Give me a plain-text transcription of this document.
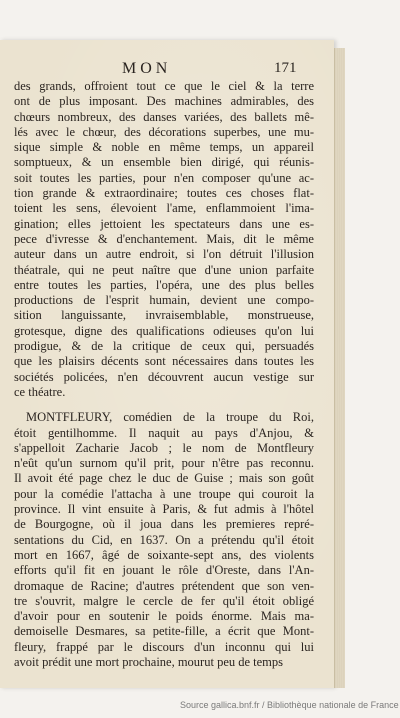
MON	171
des grands, offroient tout ce que le ciel & la terre
ont de plus imposant. Des machines admirables, des
chœurs nombreux, des danses variées, des ballets mê-
lés avec le chœur, des décorations superbes, une mu-
sique simple & noble en même temps, un appareil
somptueux, & un ensemble bien dirigé, qui réunis-
soit toutes les parties, pour n'en composer qu'une ac-
tion grande & extraordinaire; toutes ces choses flat-
toient les sens, élevoient l'ame, enflammoient l'ima-
gination; elles jettoient les spectateurs dans une es-
pece d'ivresse & d'enchantement. Mais, dit le même
auteur dans un autre endroit, si l'on détruit l'illusion
théatrale, qui ne peut naître que d'une union parfaite
entre toutes les parties, l'opéra, une des plus belles
productions de l'esprit humain, devient une compo-
sition languissante, invraisemblable, monstrueuse,
grotesque, digne des qualifications odieuses qu'on lui
prodigue, & de la critique de ceux qui, persuadés
que les plaisirs décents sont nécessaires dans toutes les
sociétés policées, n'en découvrent aucun vestige sur
ce théatre.
MONTFLEURY, comédien de la troupe du Roi,
étoit gentilhomme. Il naquit au pays d'Anjou, &
s'appelloit Zacharie Jacob ; le nom de Montfleury
n'eût qu'un surnom qu'il prit, pour n'être pas reconnu.
Il avoit été page chez le duc de Guise ; mais son goût
pour la comédie l'attacha à une troupe qui couroit la
province. Il vint ensuite à Paris, & fut admis à l'hôtel
de Bourgogne, où il joua dans les premieres repré-
sentations du Cid, en 1637. On a prétendu qu'il étoit
mort en 1667, âgé de soixante-sept ans, des violents
efforts qu'il fit en jouant le rôle d'Oreste, dans l'An-
dromaque de Racine; d'autres prétendent que son ven-
tre s'ouvrit, malgre le cercle de fer qu'il étoit obligé
d'avoir pour en soutenir le poids énorme. Mais ma-
demoiselle Desmares, sa petite-fille, a écrit que Mont-
fleury, frappé par le discours d'un inconnu qui lui
avoit prédit une mort prochaine, mourut peu de temps
Source gallica.bnf.fr / Bibliothèque nationale de France
